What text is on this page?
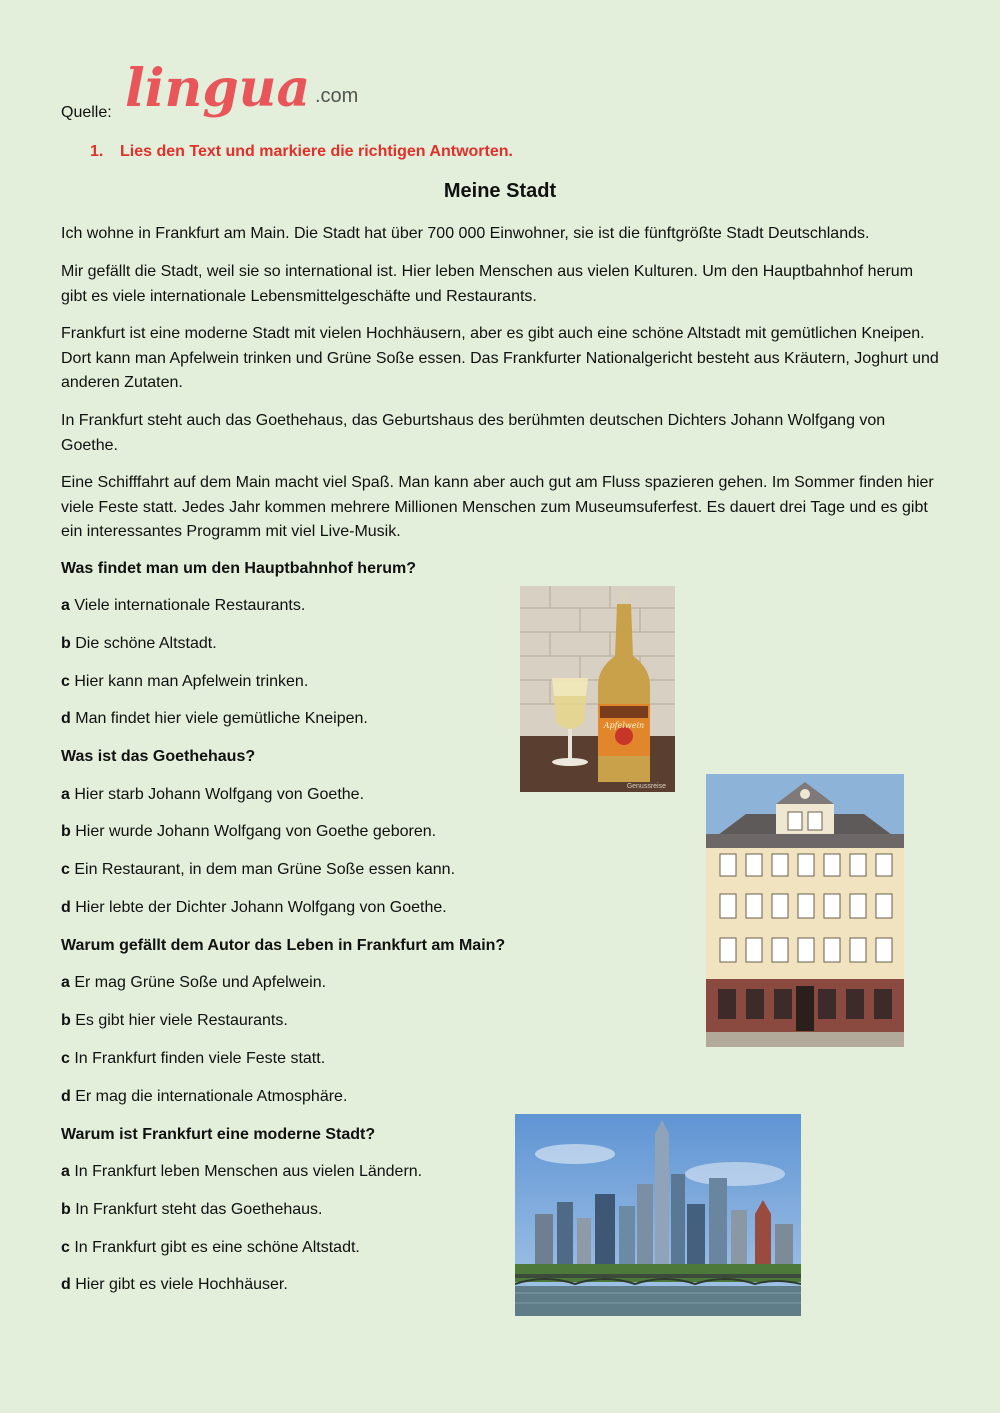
Quelle: lingua .com
1. Lies den Text und markiere die richtigen Antworten.
Meine Stadt

Ich wohne in Frankfurt am Main. Die Stadt hat über 700 000 Einwohner, sie ist die fünftgrößte Stadt Deutschlands.

Mir gefällt die Stadt, weil sie so international ist. Hier leben Menschen aus vielen Kulturen. Um den Hauptbahnhof herum gibt es viele internationale Lebensmittelgeschäfte und Restaurants.

Frankfurt ist eine moderne Stadt mit vielen Hochhäusern, aber es gibt auch eine schöne Altstadt mit gemütlichen Kneipen. Dort kann man Apfelwein trinken und Grüne Soße essen. Das Frankfurter Nationalgericht besteht aus Kräutern, Joghurt und anderen Zutaten.

In Frankfurt steht auch das Goethehaus, das Geburtshaus des berühmten deutschen Dichters Johann Wolfgang von Goethe.

Eine Schifffahrt auf dem Main macht viel Spaß. Man kann aber auch gut am Fluss spazieren gehen. Im Sommer finden hier viele Feste statt. Jedes Jahr kommen mehrere Millionen Menschen zum Museumsuferfest. Es dauert drei Tage und es gibt ein interessantes Programm mit viel Live-Musik.

Was findet man um den Hauptbahnhof herum?
a Viele internationale Restaurants.
b Die schöne Altstadt.
c Hier kann man Apfelwein trinken.
d Man findet hier viele gemütliche Kneipen.
Was ist das Goethehaus?
a Hier starb Johann Wolfgang von Goethe.
b Hier wurde Johann Wolfgang von Goethe geboren.
c Ein Restaurant, in dem man Grüne Soße essen kann.
d Hier lebte der Dichter Johann Wolfgang von Goethe.
Warum gefällt dem Autor das Leben in Frankfurt am Main?
a Er mag Grüne Soße und Apfelwein.
b Es gibt hier viele Restaurants.
c In Frankfurt finden viele Feste statt.
d Er mag die internationale Atmosphäre.
Warum ist Frankfurt eine moderne Stadt?
a In Frankfurt leben Menschen aus vielen Ländern.
b In Frankfurt steht das Goethehaus.
c In Frankfurt gibt es eine schöne Altstadt.
d Hier gibt es viele Hochhäuser.
Apfelwein
Genussreise
